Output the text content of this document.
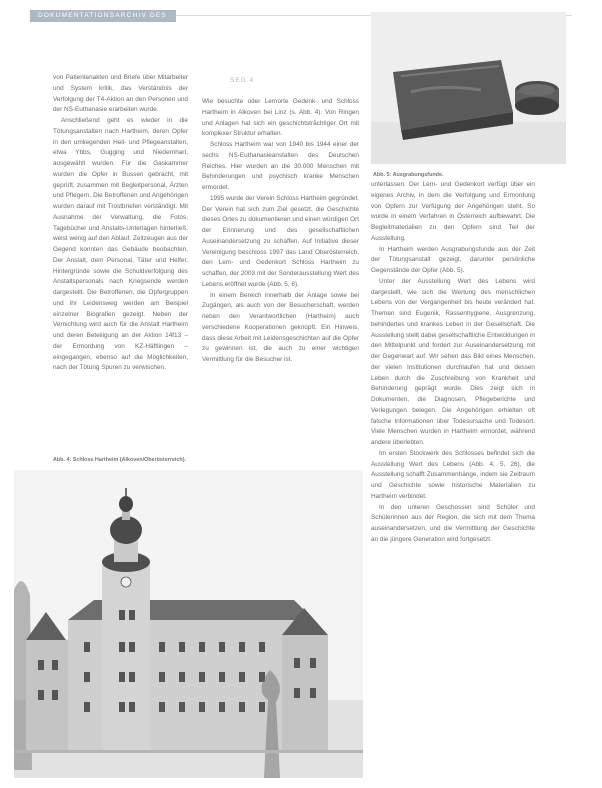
DOKUMENTATIONSARCHIV DES
SEG 4

von Patientenakten und Briefe über Mitarbeiter und System kritik, das Verständnis der Verfolgung der T4-Aktion an den Personen und der NS-Euthanasie erarbeiten wurde.

Anschließend geht es wieder in die Tötungsanstalten nach Hartheim, deren Opfer in den umliegenden Heil- und Pflegeanstalten, etwa Ybbs, Gugging und Niedernhart, ausgewählt wurden. Für die Gaskammer wurden die Opfer in Bussen gebracht, mit geprüft, zusammen mit Begleitpersonal, Ärzten und Pflegern. Die Betroffenen und Angehörigen wurden darauf mit Trostbriefen verständigt. Mit Ausnahme der Verwaltung, die Fotos, Tagebücher und Anstalts-Unterlagen hinterließ, weist wenig auf den Ablauf. Zeitzeugen aus der Gegend konnten das Gebäude beobachten. Der Anstalt, dem Personal, Täter und Helfer, Hintergründe sowie die Schuldverfolgung des Anstaltspersonals nach Kriegsende werden dargestellt. Die Betroffenen, die Opfergruppen und ihr Leidensweg werden am Beispiel einzelner Biografien gezeigt. Neben der Vernichtung wird auch für die Anstalt Hartheim und deren Beteiligung an der Aktion 14f13 – der Ermordung von KZ-Häftlingen – eingegangen, ebenso auf die Möglichkeiten, nach der Tötung Spuren zu verwischen.

Wie besuchte oder Lernorte Gedenk- und Schloss Hartheim in Alkoven bei Linz (s. Abb. 4). Von Ringen und Anlagen hat sich ein geschichtsträchtiger Ort mit komplexer Struktur erhalten.

Schloss Hartheim war von 1940 bis 1944 einer der sechs NS-Euthanasieanstalten des Deutschen Reiches. Hier wurden an die 30.000 Menschen mit Behinderungen und psychisch kranke Menschen ermordet.

1995 wurde der Verein Schloss Hartheim gegründet. Der Verein hat sich zum Ziel gesetzt, die Geschichte dieses Ortes zu dokumentieren und einen würdigen Ort der Erinnerung und des gesellschaftlichen Auseinandersetzung zu schaffen. Auf Initiative dieser Vereinigung beschloss 1997 das Land Oberösterreich, den Lern- und Gedenkort Schloss Hartheim zu schaffen, der 2003 mit der Sonderausstellung Wert des Lebens eröffnet wurde (Abb. 5, 6).

In einem Bereich innerhalb der Anlage sowie bei Zugängen, als auch von der Besucherschaft, werden neben den Verantwortlichen (Hartheim) auch verschiedene Kooperationen geknüpft. Ein Hinweis, dass diese Arbeit mit Leidensgeschichten auf die Opfer zu gewinnen ist, die auch zu einer wichtigen Vermittlung für die Besucher ist.

unterlassen. Der Lern- und Gedenkort verfügt über ein eigenes Archiv, in dem die Verfolgung und Ermordung von Opfern zur Verfügung der Angehörigen steht. So wurde in einem Verfahren in Österreich aufbewahrt. Die Begleitmaterialien zu den Opfern sind Teil der Ausstellung.

In Hartheim werden Ausgrabungsfunde aus der Zeit der Tötungsanstalt gezeigt, darunter persönliche Gegenstände der Opfer (Abb. 5).

Unter der Ausstellung Wert des Lebens wird dargestellt, wie sich die Wertung des menschlichen Lebens von der Vergangenheit bis heute verändert hat. Themen sind Eugenik, Rassenhygiene, Ausgrenzung, behindertes und krankes Leben in der Gesellschaft. Die Ausstellung stellt dabei gesellschaftliche Entwicklungen in den Mittelpunkt und fordert zur Auseinandersetzung mit der Gegenwart auf. Wir sehen das Bild eines Menschen, der vielen Institutionen durchlaufen hat und dessen Leben durch die Zuschreibung von Krankheit und Behinderung geprägt wurde. Dies zeigt sich in Dokumenten, die Diagnosen, Pflegeberichte und Verlegungen belegen. Die Angehörigen erhielten oft falsche Informationen über Todesursache und Todesort. Viele Menschen wurden in Hartheim ermordet, während andere überlebten.

Im ersten Stockwerk des Schlosses befindet sich die Ausstellung Wert des Lebens (Abb. 4, 5, 26), die Ausstellung schafft Zusammenhänge, indem sie Zeitraum und Geschichte sowie historische Materialien zu Hartheim verbindet.

In den unteren Geschossen sind Schüler und Schülerinnen aus der Region, die sich mit dem Thema auseinandersetzen, und die Vermittlung der Geschichte an die jüngere Generation wird fortgesetzt.

Abb. 4: Schloss Hartheim (Alkoven/Oberösterreich).
Abb. 5: Ausgrabungsfunde.
